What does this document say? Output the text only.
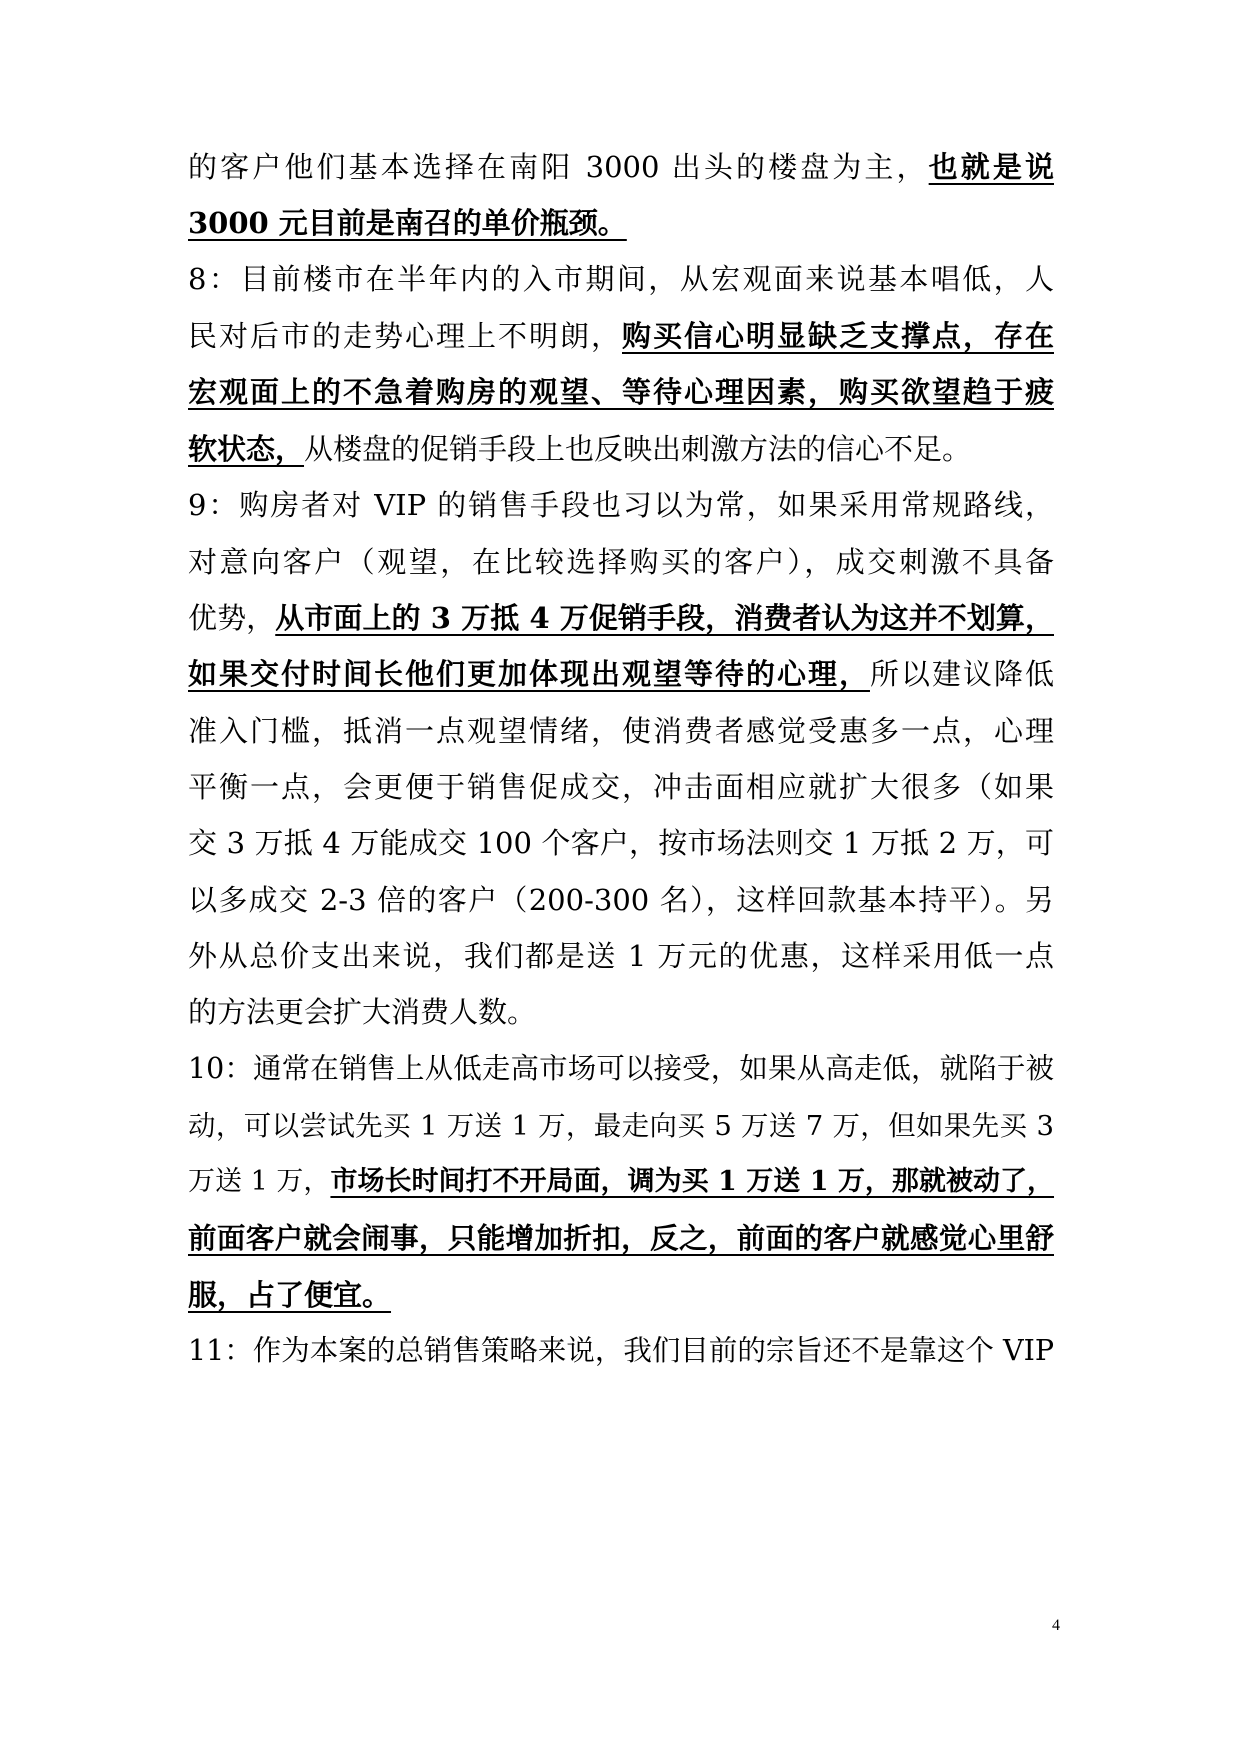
的客户他们基本选择在南阳 3000 出头的楼盘为主，也就是说
3000 元目前是南召的单价瓶颈。
8：目前楼市在半年内的入市期间，从宏观面来说基本唱低，人
民对后市的走势心理上不明朗，购买信心明显缺乏支撑点，存在
宏观面上的不急着购房的观望、等待心理因素，购买欲望趋于疲
软状态，从楼盘的促销手段上也反映出刺激方法的信心不足。
9：购房者对 VIP 的销售手段也习以为常，如果采用常规路线，
对意向客户（观望，在比较选择购买的客户），成交刺激不具备
优势，从市面上的 3 万抵 4 万促销手段，消费者认为这并不划算，
如果交付时间长他们更加体现出观望等待的心理，所以建议降低
准入门槛，抵消一点观望情绪，使消费者感觉受惠多一点，心理
平衡一点，会更便于销售促成交，冲击面相应就扩大很多（如果
交 3 万抵 4 万能成交 100 个客户，按市场法则交 1 万抵 2 万，可
以多成交 2-3 倍的客户（200-300 名），这样回款基本持平）。另
外从总价支出来说，我们都是送 1 万元的优惠，这样采用低一点
的方法更会扩大消费人数。
10：通常在销售上从低走高市场可以接受，如果从高走低，就陷于被
动，可以尝试先买 1 万送 1 万，最走向买 5 万送 7 万，但如果先买 3
万送 1 万，市场长时间打不开局面，调为买 1 万送 1 万，那就被动了，
前面客户就会闹事，只能增加折扣，反之，前面的客户就感觉心里舒
服，占了便宜。
11：作为本案的总销售策略来说，我们目前的宗旨还不是靠这个 VIP
4
